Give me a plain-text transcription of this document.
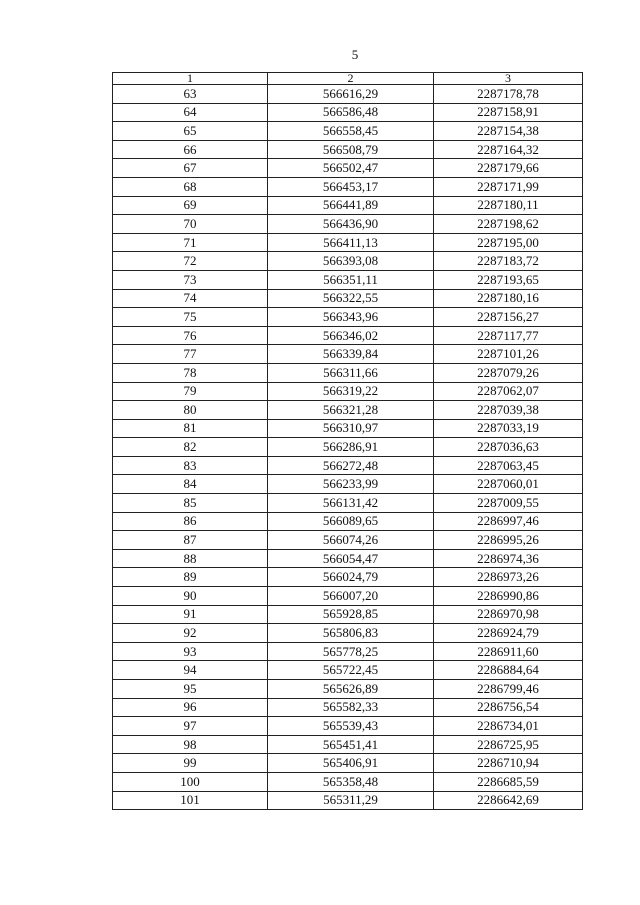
5
1	2	3
63	566616,29	2287178,78
64	566586,48	2287158,91
65	566558,45	2287154,38
66	566508,79	2287164,32
67	566502,47	2287179,66
68	566453,17	2287171,99
69	566441,89	2287180,11
70	566436,90	2287198,62
71	566411,13	2287195,00
72	566393,08	2287183,72
73	566351,11	2287193,65
74	566322,55	2287180,16
75	566343,96	2287156,27
76	566346,02	2287117,77
77	566339,84	2287101,26
78	566311,66	2287079,26
79	566319,22	2287062,07
80	566321,28	2287039,38
81	566310,97	2287033,19
82	566286,91	2287036,63
83	566272,48	2287063,45
84	566233,99	2287060,01
85	566131,42	2287009,55
86	566089,65	2286997,46
87	566074,26	2286995,26
88	566054,47	2286974,36
89	566024,79	2286973,26
90	566007,20	2286990,86
91	565928,85	2286970,98
92	565806,83	2286924,79
93	565778,25	2286911,60
94	565722,45	2286884,64
95	565626,89	2286799,46
96	565582,33	2286756,54
97	565539,43	2286734,01
98	565451,41	2286725,95
99	565406,91	2286710,94
100	565358,48	2286685,59
101	565311,29	2286642,69
